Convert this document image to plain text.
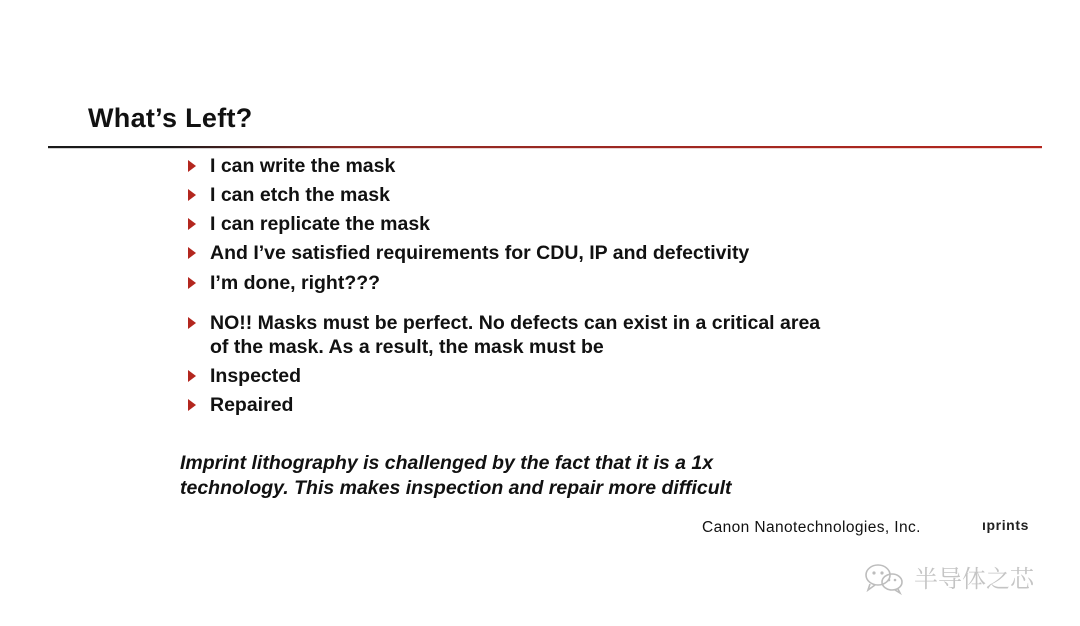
What’s Left?
I can write the mask
I can etch the mask
I can replicate the mask
And I’ve satisfied requirements for CDU, IP and defectivity
I’m done, right???
NO!! Masks must be perfect. No defects can exist in a critical area of the mask. As a result, the mask must be
Inspected
Repaired
Imprint lithography is challenged by the fact that it is a 1x
technology. This makes inspection and repair more difficult
Canon Nanotechnologies, Inc.	ıprints
半导体之芯
